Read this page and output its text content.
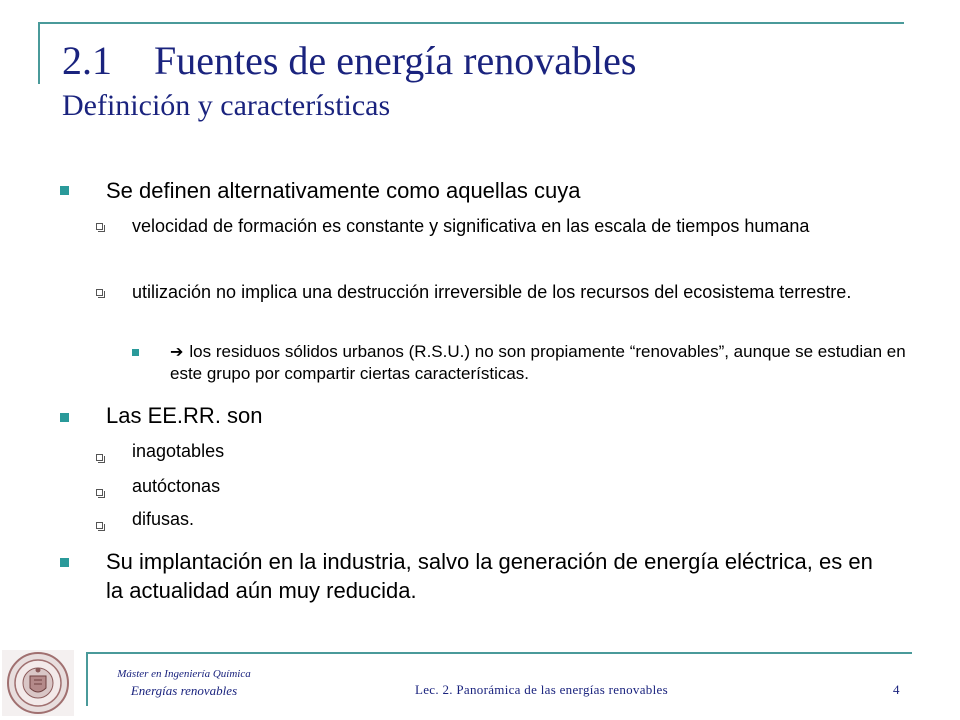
2.1 Fuentes de energía renovables
Definición y características
Se definen alternativamente como aquellas cuya
velocidad de formación es constante y significativa en las escala de tiempos humana
utilización no implica una destrucción irreversible de los recursos del ecosistema terrestre.
➔ los residuos sólidos urbanos (R.S.U.) no son propiamente “renovables”, aunque se estudian en este grupo por compartir ciertas características.
Las EE.RR. son
inagotables
autóctonas
difusas.
Su implantación en la industria, salvo la generación de energía eléctrica, es en la actualidad aún muy reducida.
Máster en Ingeniería Química
Energías renovables	Lec. 2. Panorámica de las energías renovables	4
